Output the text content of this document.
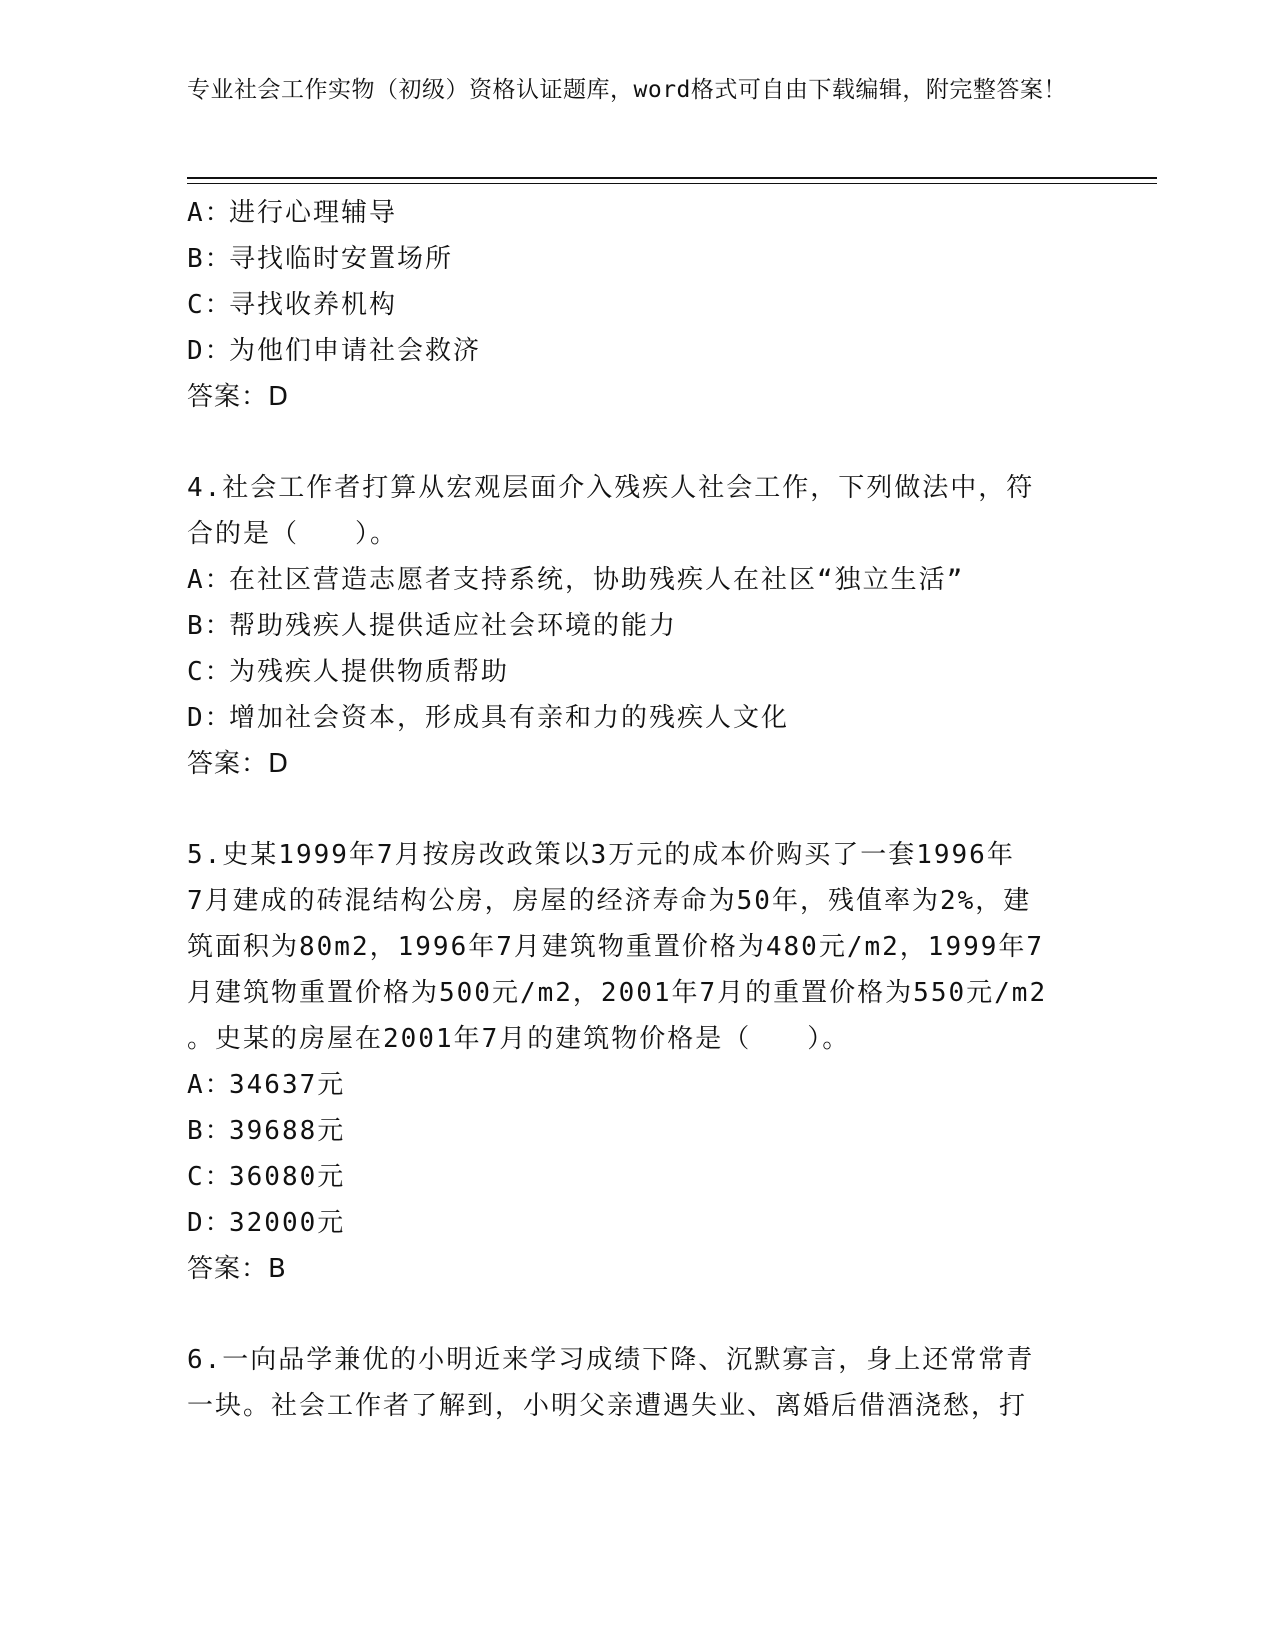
专业社会工作实物（初级）资格认证题库，word格式可自由下载编辑，附完整答案！
A：进行心理辅导
B：寻找临时安置场所
C：寻找收养机构
D：为他们申请社会救济
答案：D
4.社会工作者打算从宏观层面介入残疾人社会工作，下列做法中，符
合的是（　　）。
A：在社区营造志愿者支持系统，协助残疾人在社区“独立生活”
B：帮助残疾人提供适应社会环境的能力
C：为残疾人提供物质帮助
D：增加社会资本，形成具有亲和力的残疾人文化
答案：D
5.史某1999年7月按房改政策以3万元的成本价购买了一套1996年
7月建成的砖混结构公房，房屋的经济寿命为50年，残值率为2%，建
筑面积为80m2，1996年7月建筑物重置价格为480元/m2，1999年7
月建筑物重置价格为500元/m2，2001年7月的重置价格为550元/m2
。史某的房屋在2001年7月的建筑物价格是（　　）。
A：34637元
B：39688元
C：36080元
D：32000元
答案：B
6.一向品学兼优的小明近来学习成绩下降、沉默寡言，身上还常常青
一块。社会工作者了解到，小明父亲遭遇失业、离婚后借酒浇愁，打
